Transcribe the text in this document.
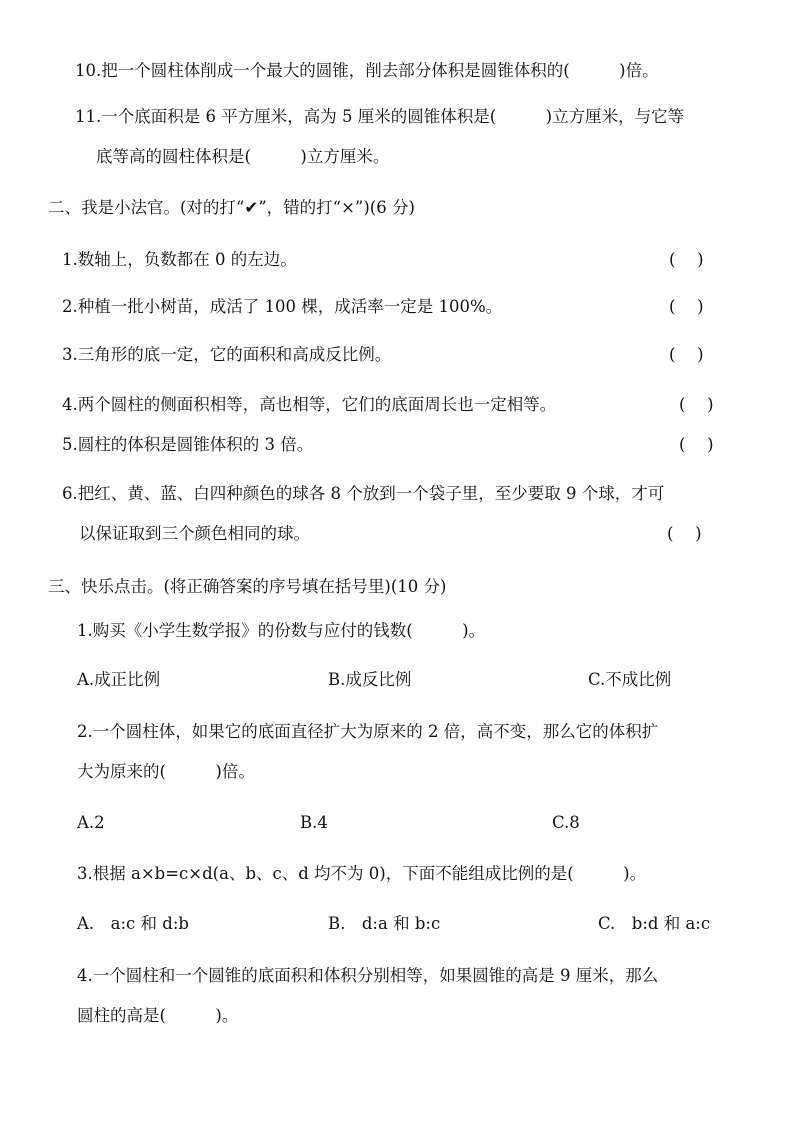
10.把一个圆柱体削成一个最大的圆锥，削去部分体积是圆锥体积的(　　　)倍。
11.一个底面积是 6 平方厘米，高为 5 厘米的圆锥体积是(　　　)立方厘米，与它等
底等高的圆柱体积是(　　　)立方厘米。
二、我是小法官。(对的打“✔”，错的打“×”)(6 分)
1.数轴上，负数都在 0 的左边。	(　 )
2.种植一批小树苗，成活了 100 棵，成活率一定是 100%。	(　 )
3.三角形的底一定，它的面积和高成反比例。	(　 )
4.两个圆柱的侧面积相等，高也相等，它们的底面周长也一定相等。	(　 )
5.圆柱的体积是圆锥体积的 3 倍。	(　 )
6.把红、黄、蓝、白四种颜色的球各 8 个放到一个袋子里，至少要取 9 个球，才可
以保证取到三个颜色相同的球。	(　 )
三、快乐点击。(将正确答案的序号填在括号里)(10 分)
1.购买《小学生数学报》的份数与应付的钱数(　　　)。
A.成正比例	B.成反比例	C.不成比例
2.一个圆柱体，如果它的底面直径扩大为原来的 2 倍，高不变，那么它的体积扩
大为原来的(　　　)倍。
A.2	B.4	C.8
3.根据 a×b=c×d(a、b、c、d 均不为 0)，下面不能组成比例的是(　　　)。
A.　a:c 和 d:b	B.　d:a 和 b:c	C.　b:d 和 a:c
4.一个圆柱和一个圆锥的底面积和体积分别相等，如果圆锥的高是 9 厘米，那么
圆柱的高是(　　　)。
